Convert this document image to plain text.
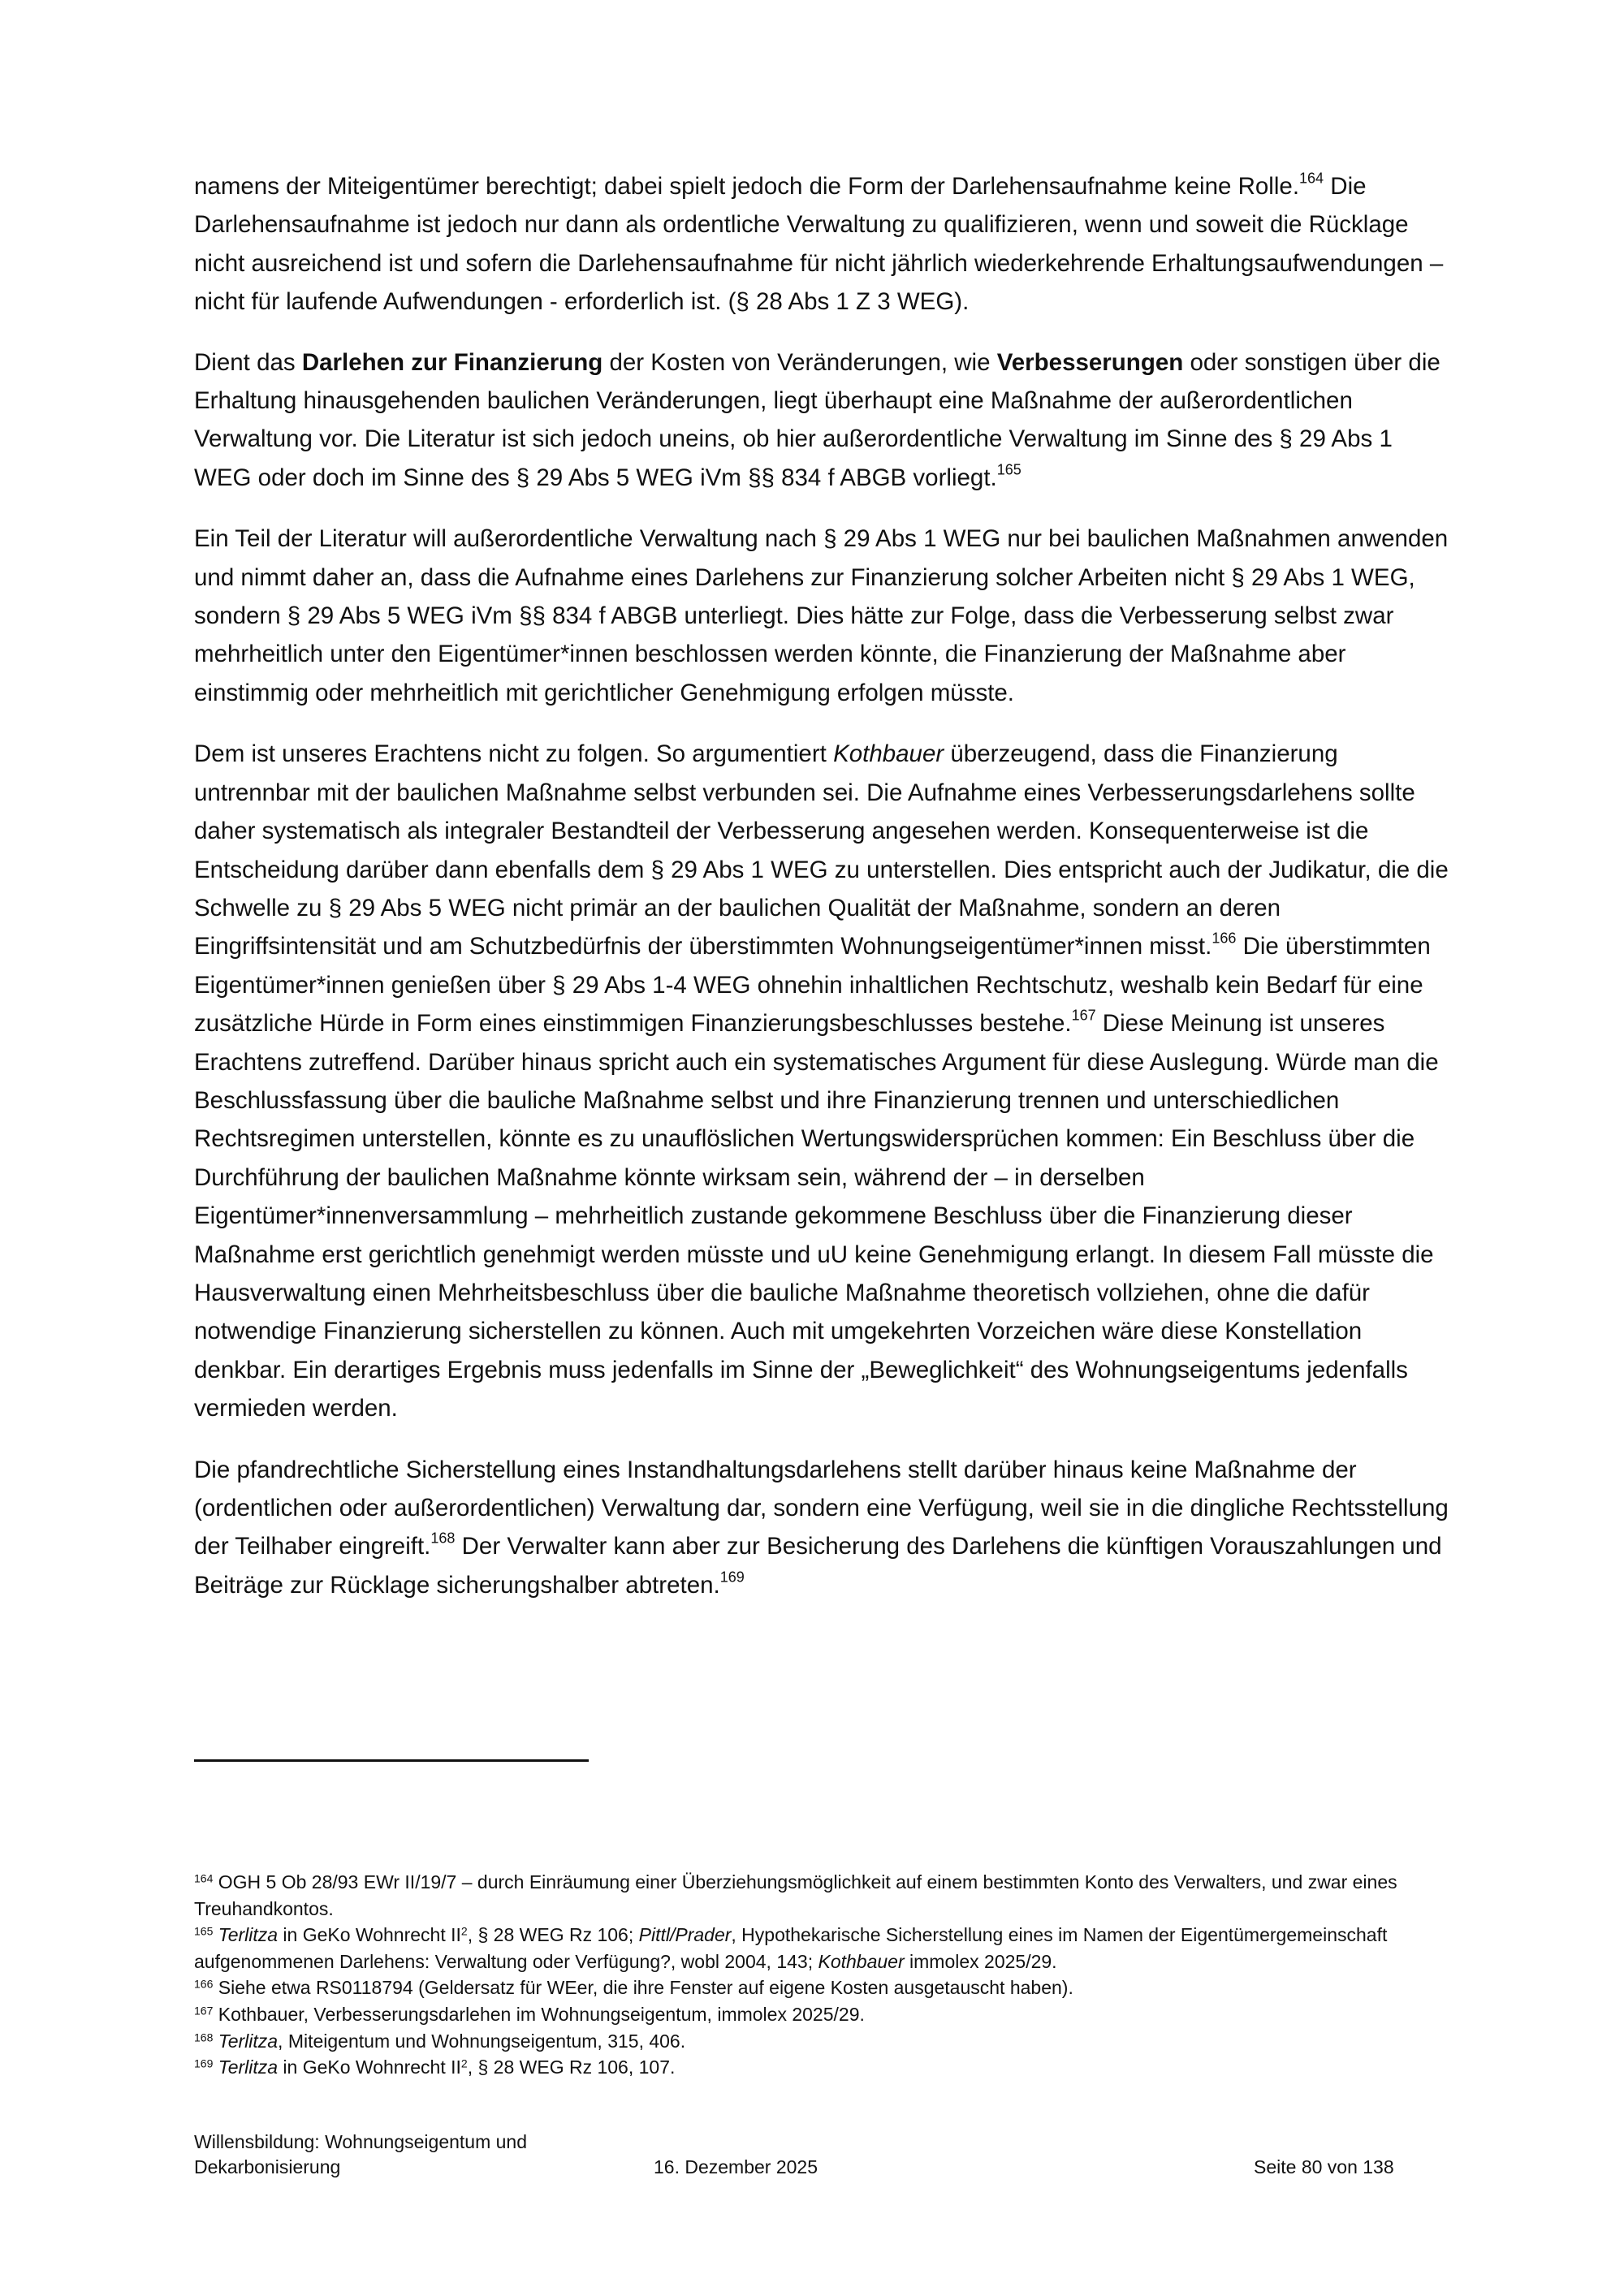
namens der Miteigentümer berechtigt; dabei spielt jedoch die Form der Darlehensaufnahme keine Rolle.$^{164}$ Die Darlehensaufnahme ist jedoch nur dann als ordentliche Verwaltung zu qualifizieren, wenn und soweit die Rücklage nicht ausreichend ist und sofern die Darlehensaufnahme für nicht jährlich wiederkehrende Erhaltungsaufwendungen – nicht für laufende Aufwendungen - erforderlich ist. (§ 28 Abs 1 Z 3 WEG).

Dient das Darlehen zur Finanzierung der Kosten von Veränderungen, wie Verbesserungen oder sonstigen über die Erhaltung hinausgehenden baulichen Veränderungen, liegt überhaupt eine Maßnahme der außerordentlichen Verwaltung vor. Die Literatur ist sich jedoch uneins, ob hier außerordentliche Verwaltung im Sinne des § 29 Abs 1 WEG oder doch im Sinne des § 29 Abs 5 WEG iVm §§ 834 f ABGB vorliegt.$^{165}$

Ein Teil der Literatur will außerordentliche Verwaltung nach § 29 Abs 1 WEG nur bei baulichen Maßnahmen anwenden und nimmt daher an, dass die Aufnahme eines Darlehens zur Finanzierung solcher Arbeiten nicht § 29 Abs 1 WEG, sondern § 29 Abs 5 WEG iVm §§ 834 f ABGB unterliegt. Dies hätte zur Folge, dass die Verbesserung selbst zwar mehrheitlich unter den Eigentümer*innen beschlossen werden könnte, die Finanzierung der Maßnahme aber einstimmig oder mehrheitlich mit gerichtlicher Genehmigung erfolgen müsste.

Dem ist unseres Erachtens nicht zu folgen. So argumentiert Kothbauer überzeugend, dass die Finanzierung untrennbar mit der baulichen Maßnahme selbst verbunden sei. Die Aufnahme eines Verbesserungsdarlehens sollte daher systematisch als integraler Bestandteil der Verbesserung angesehen werden. Konsequenterweise ist die Entscheidung darüber dann ebenfalls dem § 29 Abs 1 WEG zu unterstellen. Dies entspricht auch der Judikatur, die die Schwelle zu § 29 Abs 5 WEG nicht primär an der baulichen Qualität der Maßnahme, sondern an deren Eingriffsintensität und am Schutzbedürfnis der überstimmten Wohnungseigentümer*innen misst.$^{166}$ Die überstimmten Eigentümer*innen genießen über § 29 Abs 1-4 WEG ohnehin inhaltlichen Rechtschutz, weshalb kein Bedarf für eine zusätzliche Hürde in Form eines einstimmigen Finanzierungsbeschlusses bestehe.$^{167}$ Diese Meinung ist unseres Erachtens zutreffend. Darüber hinaus spricht auch ein systematisches Argument für diese Auslegung. Würde man die Beschlussfassung über die bauliche Maßnahme selbst und ihre Finanzierung trennen und unterschiedlichen Rechtsregimen unterstellen, könnte es zu unauflöslichen Wertungswidersprüchen kommen: Ein Beschluss über die Durchführung der baulichen Maßnahme könnte wirksam sein, während der – in derselben Eigentümer*innenversammlung – mehrheitlich zustande gekommene Beschluss über die Finanzierung dieser Maßnahme erst gerichtlich genehmigt werden müsste und uU keine Genehmigung erlangt. In diesem Fall müsste die Hausverwaltung einen Mehrheitsbeschluss über die bauliche Maßnahme theoretisch vollziehen, ohne die dafür notwendige Finanzierung sicherstellen zu können. Auch mit umgekehrten Vorzeichen wäre diese Konstellation denkbar. Ein derartiges Ergebnis muss jedenfalls im Sinne der „Beweglichkeit“ des Wohnungseigentums jedenfalls vermieden werden.

Die pfandrechtliche Sicherstellung eines Instandhaltungsdarlehens stellt darüber hinaus keine Maßnahme der (ordentlichen oder außerordentlichen) Verwaltung dar, sondern eine Verfügung, weil sie in die dingliche Rechtsstellung der Teilhaber eingreift.$^{168}$ Der Verwalter kann aber zur Besicherung des Darlehens die künftigen Vorauszahlungen und Beiträge zur Rücklage sicherungshalber abtreten.$^{169}$

$^{164}$ OGH 5 Ob 28/93 EWr II/19/7 – durch Einräumung einer Überziehungsmöglichkeit auf einem bestimmten Konto des Verwalters, und zwar eines Treuhandkontos.

$^{165}$ Terlitza in GeKo Wohnrecht $II^2$, § 28 WEG Rz 106; Pittl/Prader, Hypothekarische Sicherstellung eines im Namen der Eigentümergemeinschaft aufgenommenen Darlehens: Verwaltung oder Verfügung?, wobl 2004, 143; Kothbauer immolex 2025/29.

$^{166}$ Siehe etwa RS0118794 (Geldersatz für WEer, die ihre Fenster auf eigene Kosten ausgetauscht haben).

$^{167}$ Kothbauer, Verbesserungsdarlehen im Wohnungseigentum, immolex 2025/29.

$^{168}$ Terlitza, Miteigentum und Wohnungseigentum, 315, 406.

$^{169}$ Terlitza in GeKo Wohnrecht $II^2$, § 28 WEG Rz 106, 107.

Willensbildung: Wohnungseigentum und Dekarbonisierung	16. Dezember 2025	Seite 80 von 138
